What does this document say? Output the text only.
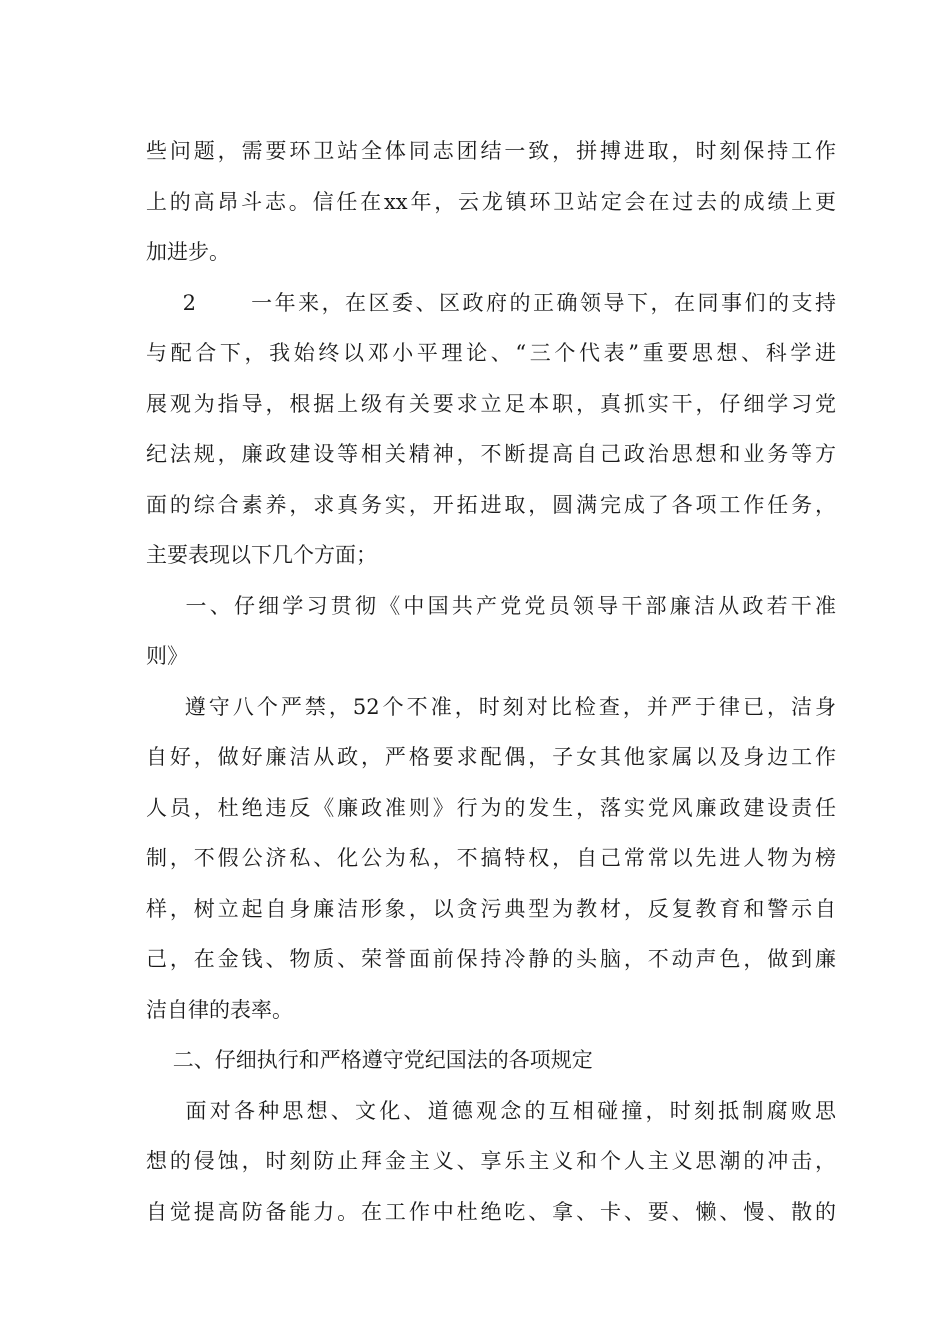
些问题，需要环卫站全体同志团结一致，拼搏进取，时刻保持工作
上的高昂斗志。信任在xx年，云龙镇环卫站定会在过去的成绩上更
加进步。
2      一年来，在区委、区政府的正确领导下，在同事们的支持
与配合下，我始终以邓小平理论、“三个代表”重要思想、科学进
展观为指导，根据上级有关要求立足本职，真抓实干，仔细学习党
纪法规，廉政建设等相关精神，不断提高自己政治思想和业务等方
面的综合素养，求真务实，开拓进取，圆满完成了各项工作任务，
主要表现以下几个方面；
一、仔细学习贯彻《中国共产党党员领导干部廉洁从政若干准
则》
遵守八个严禁，52个不准，时刻对比检查，并严于律已，洁身
自好，做好廉洁从政，严格要求配偶，子女其他家属以及身边工作
人员，杜绝违反《廉政准则》行为的发生，落实党风廉政建设责任
制，不假公济私、化公为私，不搞特权，自己常常以先进人物为榜
样，树立起自身廉洁形象，以贪污典型为教材，反复教育和警示自
己，在金钱、物质、荣誉面前保持冷静的头脑，不动声色，做到廉
洁自律的表率。
二、仔细执行和严格遵守党纪国法的各项规定
面对各种思想、文化、道德观念的互相碰撞，时刻抵制腐败思
想的侵蚀，时刻防止拜金主义、享乐主义和个人主义思潮的冲击，
自觉提高防备能力。在工作中杜绝吃、拿、卡、要、懒、慢、散的
